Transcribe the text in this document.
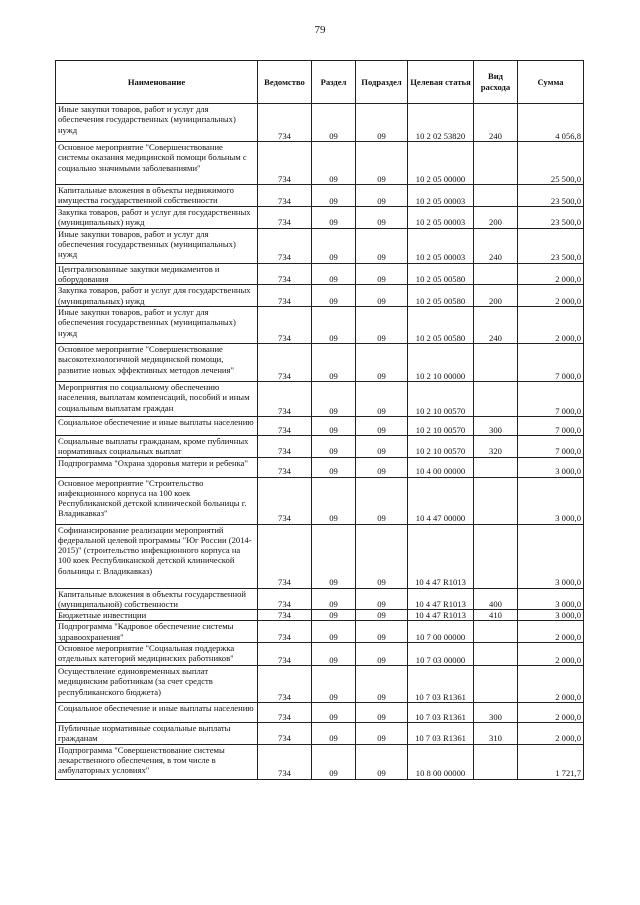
79
Наименование	Ведомство	Раздел	Подраздел	Целевая статья	Вид расхода	Сумма
Иные закупки товаров, работ и услуг для обеспечения государственных (муниципальных) нужд	734	09	09	10 2 02 53820	240	4 056,8
Основное мероприятие "Совершенствование системы оказания медицинской помощи больным с социально значимыми заболеваниями"	734	09	09	10 2 05 00000		25 500,0
Капитальные вложения в объекты недвижимого имущества государственной собственности	734	09	09	10 2 05 00003		23 500,0
Закупка товаров, работ и услуг для государственных (муниципальных) нужд	734	09	09	10 2 05 00003	200	23 500,0
Иные закупки товаров, работ и услуг для обеспечения государственных (муниципальных) нужд	734	09	09	10 2 05 00003	240	23 500,0
Централизованные закупки медикаментов и оборудования	734	09	09	10 2 05 00580		2 000,0
Закупка товаров, работ и услуг для государственных (муниципальных) нужд	734	09	09	10 2 05 00580	200	2 000,0
Иные закупки товаров, работ и услуг для обеспечения государственных (муниципальных) нужд	734	09	09	10 2 05 00580	240	2 000,0
Основное мероприятие "Совершенствование высокотехнологичной медицинской помощи, развитие новых эффективных методов лечения"	734	09	09	10 2 10 00000		7 000,0
Мероприятия по социальному обеспечению населения, выплатам компенсаций, пособий и иным социальным выплатам граждан	734	09	09	10 2 10 00570		7 000,0
Социальное обеспечение и иные выплаты населению	734	09	09	10 2 10 00570	300	7 000,0
Социальные выплаты гражданам, кроме публичных нормативных социальных выплат	734	09	09	10 2 10 00570	320	7 000,0
Подпрограмма "Охрана здоровья матери и ребенка"	734	09	09	10 4 00 00000		3 000,0
Основное мероприятие "Строительство инфекционного корпуса на 100 коек Республиканской детской клинической больницы г. Владикавказ"	734	09	09	10 4 47 00000		3 000,0
Софинансирование реализации мероприятий федеральной целевой программы "Юг России (2014-2015)" (строительство инфекционного корпуса на 100 коек Республиканской детской клинической больницы г. Владикавказ)	734	09	09	10 4 47 R1013		3 000,0
Капитальные вложения в объекты государственной (муниципальной) собственности	734	09	09	10 4 47 R1013	400	3 000,0
Бюджетные инвестиции	734	09	09	10 4 47 R1013	410	3 000,0
Подпрограмма "Кадровое обеспечение системы здравоохранения"	734	09	09	10 7 00 00000		2 000,0
Основное мероприятие "Социальная поддержка отдельных категорий медицинских работников"	734	09	09	10 7 03 00000		2 000,0
Осуществление единовременных выплат медицинским работникам (за счет средств республиканского бюджета)	734	09	09	10 7 03 R1361		2 000,0
Социальное обеспечение и иные выплаты населению	734	09	09	10 7 03 R1361	300	2 000,0
Публичные нормативные социальные выплаты гражданам	734	09	09	10 7 03 R1361	310	2 000,0
Подпрограмма "Совершенствование системы лекарственного обеспечения, в том числе в амбулаторных условиях"	734	09	09	10 8 00 00000		1 721,7
